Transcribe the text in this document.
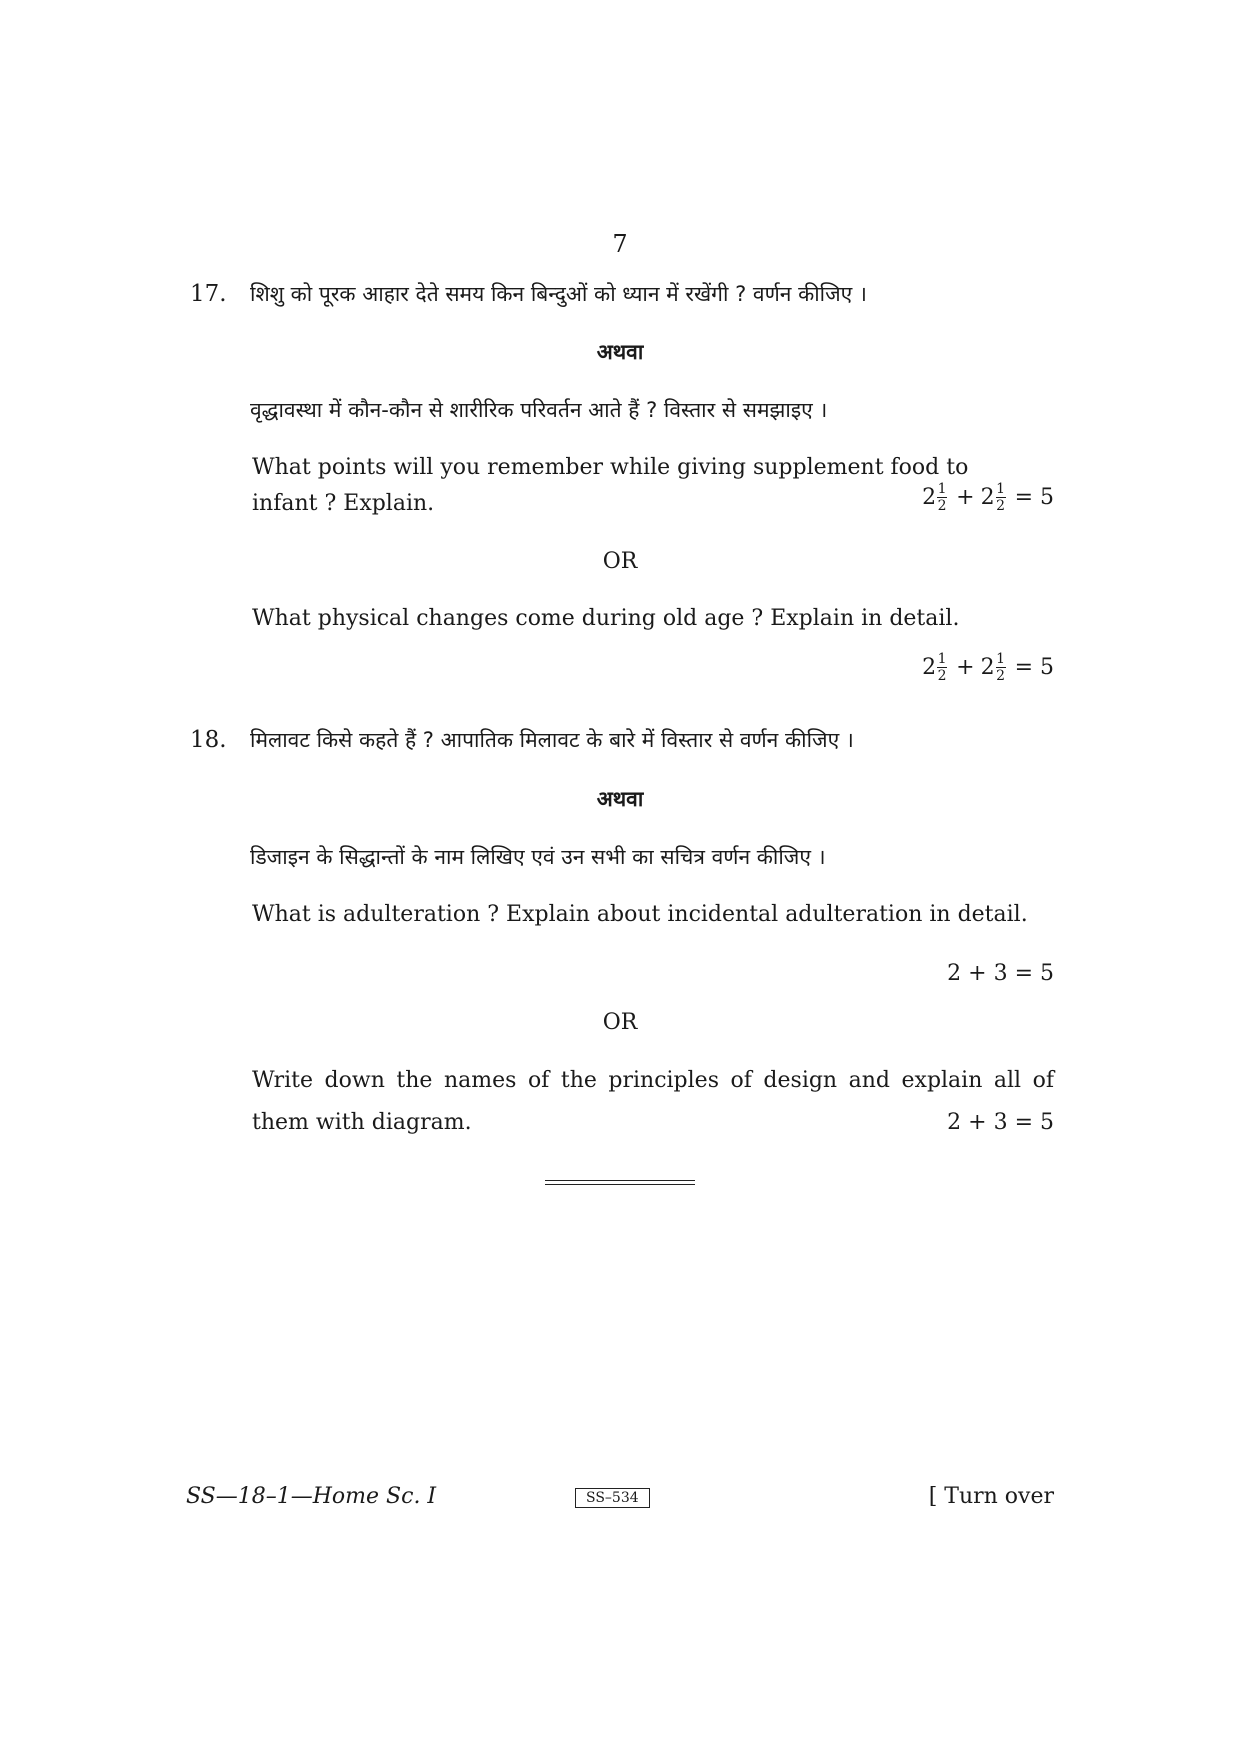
7
17. शिशु को पूरक आहार देते समय किन बिन्दुओं को ध्यान में रखेंगी ? वर्णन कीजिए ।
अथवा
वृद्धावस्था में कौन-कौन से शारीरिक परिवर्तन आते हैं ? विस्तार से समझाइए ।
What points will you remember while giving supplement food to
infant ? Explain.	$2 \frac{1}{2} + 2 \frac{1}{2} = 5$
OR
What physical changes come during old age ? Explain in detail.
$2 \frac{1}{2} + 2 \frac{1}{2} = 5$
18. मिलावट किसे कहते हैं ? आपातिक मिलावट के बारे में विस्तार से वर्णन कीजिए ।
अथवा
डिजाइन के सिद्धान्तों के नाम लिखिए एवं उन सभी का सचित्र वर्णन कीजिए ।
What is adulteration ? Explain about incidental adulteration in detail.
2 + 3 = 5
OR
Write down the names of the principles of design and explain all of
them with diagram.	2 + 3 = 5
SS—18–1—Home Sc. I	SS–534	[ Turn over
